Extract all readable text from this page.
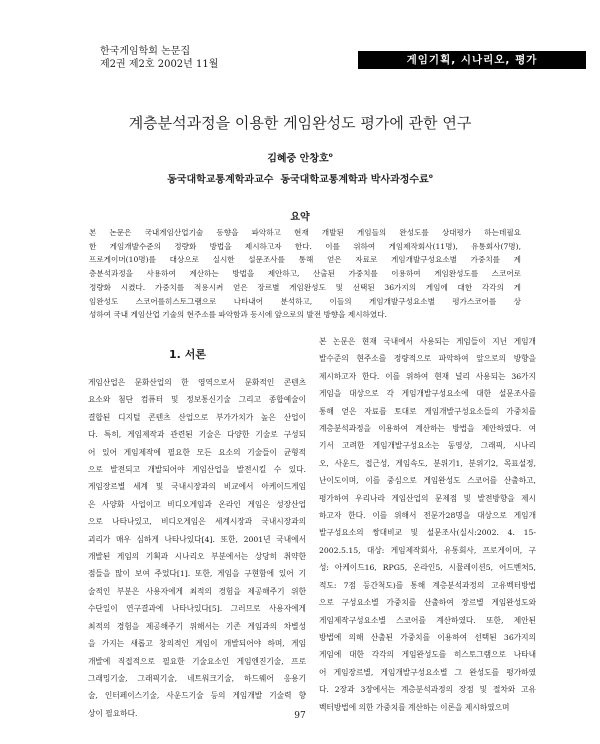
한국게임학회 논문집
제2권 제2호 2002년 11월	게임기획, 시나리오, 평가
계층분석과정을 이용한 게임완성도 평가에 관한 연구
김혜중 안창호$^o$
동국대학교통계학과교수 동국대학교통계학과 박사과정수료$^o$
요약
본 논문은 국내게임산업기술 동향을 파악하고 현재 개발된 게임들의 완성도를 상대평가 하는데필요
한 게임개발수준의 정량화 방법을 제시하고자 한다. 이를 위하여 게임제작회사(11명), 유통회사(7명),
프로게이머(10명)를 대상으로 실시한 설문조사를 통해 얻은 자료로 게임개발구성요소별 가중치를 계
층분석과정을 사용하여 계산하는 방법을 제안하고, 산출된 가중치를 이용하여 게임완성도를 스코어로
정량화 시켰다. 가중치를 적용시켜 얻은 장르별 게임완성도 및 선택된 36가지의 게임에 대한 각각의 게
임완성도 스코어를히스토그램으로 나타내어 분석하고, 이들의 게임개발구성요소별 평가스코어를 상
성하여 국내 게임산업 기술의 현주소를 파악함과 동시에 앞으로의 발전 방향을 제시하였다.
1. 서론
게임산업은 문화산업의 한 영역으로서 문화적인 콘텐츠
요소와 첨단 컴퓨터 및 정보통신기술 그리고 종합예술이
결합된 디지털 콘텐츠 산업으로 부가가치가 높은 산업이
다. 특히, 게임제작과 관련된 기술은 다양한 기술로 구성되
어 있어 게임제작에 필요한 모든 요소의 기술들이 균형적
으로 발전되고 개발되어야 게임산업을 발전시킬 수 있다.
게임장르별 세계 및 국내시장과의 비교에서 아케이드게임
은 사양화 사업이고 비디오게임과 온라인 게임은 성장산업
으로 나타나있고, 비디오게임은 세계시장과 국내시장과의
괴리가 매우 심하게 나타나있다[4]. 또한, 2001년 국내에서
개발된 게임의 기획과 시나리오 부분에서는 상당히 취약한
점들을 많이 보여 주었다[1]. 또한, 게임을 구현함에 있어 기
술적인 부분은 사용자에게 최적의 경험을 제공해주기 위한
수단일이 연구결과에 나타나있다[5]. 그러므로 사용자에게
최적의 경험을 제공해주기 위해서는 기존 게임과의 차별성
을 가지는 새롭고 창의적인 게임이 개발되어야 하며, 게임
개발에 직접적으로 필요한 기술요소인 게임엔진기술, 프로
그래밍기술, 그래픽기술, 네트워크기술, 하드웨어 응용기
술, 인터페이스기술, 사운드기술 등의 게임개발 기술력 향
상이 필요하다.
본 논문은 현재 국내에서 사용되는 게임들이 지닌 게임개
발수준의 현주소를 정량적으로 파악하여 앞으로의 방향을
제시하고자 한다. 이를 위하여 현재 널리 사용되는 36가지
게임을 대상으로 각 게임개발구성요소에 대한 설문조사를
통해 얻은 자료를 토대로 게임개발구성요소들의 가중치를
계층분석과정을 이용하여 계산하는 방법을 제안하였다. 여
기서 고려한 게임개발구성요소는 동영상, 그래픽, 시나리
오, 사운드, 접근성, 게임속도, 분위기1, 분위기2, 목표설정,
난이도이며, 이를 중심으로 게임완성도 스코어를 산출하고,
평가하여 우리나라 게임산업의 문제점 및 발전방향을 제시
하고자 한다. 이를 위해서 전문가28명을 대상으로 게임개
발구성요소의 쌍대비교 및 설문조사(실시:2002. 4. 15-
2002.5.15, 대상: 게임제작회사, 유통회사, 프로게이머, 구
성: 아케이드16, RPG5, 온라인5, 시뮬레이션5, 어드벤처5,
적도: 7점 등간척도)를 통해 계층분석과정의 고유벡터방법
으로 구성요소별 가중치를 산출하여 장르별 게임완성도와
게임제작구성요소별 스코어를 계산하였다. 또한, 제안된
방법에 의해 산출된 가중치를 이용하여 선택된 36가지의
게임에 대한 각각의 게임완성도를 히스토그램으로 나타내
어 게임장르별, 게임개발구성요소별 그 완성도를 평가하였
다. 2장과 3장에서는 계층분석과정의 장점 및 절차와 고유
벡터방법에 의한 가중치를 계산하는 이론을 제시하였으며
97
